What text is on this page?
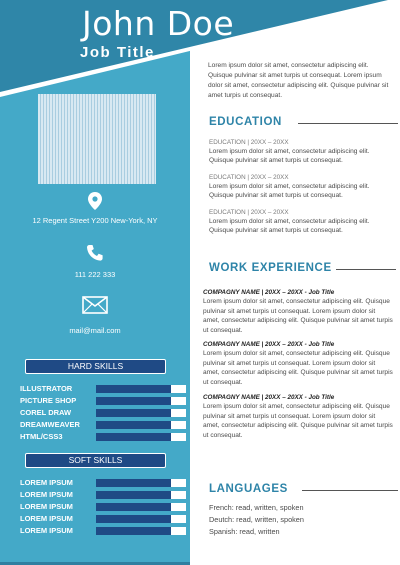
John Doe
Job Title
12 Regent Street Y200 New-York, NY
111 222 333
mail@mail.com
HARD SKILLS
ILLUSTRATOR
PICTURE SHOP
COREL DRAW
DREAMWEAVER
HTML/CSS3
SOFT SKILLS
LOREM IPSUM
LOREM IPSUM
LOREM IPSUM
LOREM IPSUM
LOREM IPSUM
Lorem ipsum dolor sit amet, consectetur adipiscing elit. Quisque pulvinar sit amet turpis ut consequat. Lorem ipsum dolor sit amet, consectetur adipiscing elit. Quisque pulvinar sit amet turpis ut consequat.
EDUCATION
EDUCATION | 20XX – 20XX
Lorem ipsum dolor sit amet, consectetur adipiscing elit. Quisque pulvinar sit amet turpis ut consequat.
EDUCATION | 20XX – 20XX
Lorem ipsum dolor sit amet, consectetur adipiscing elit. Quisque pulvinar sit amet turpis ut consequat.
EDUCATION | 20XX – 20XX
Lorem ipsum dolor sit amet, consectetur adipiscing elit. Quisque pulvinar sit amet turpis ut consequat.
WORK EXPERIENCE
COMPAGNY NAME | 20XX – 20XX - Job Title
Lorem ipsum dolor sit amet, consectetur adipiscing elit. Quisque pulvinar sit amet turpis ut consequat. Lorem ipsum dolor sit amet, consectetur adipiscing elit. Quisque pulvinar sit amet turpis ut consequat.
COMPAGNY NAME | 20XX – 20XX - Job Title
Lorem ipsum dolor sit amet, consectetur adipiscing elit. Quisque pulvinar sit amet turpis ut consequat. Lorem ipsum dolor sit amet, consectetur adipiscing elit. Quisque pulvinar sit amet turpis ut consequat.
COMPAGNY NAME | 20XX – 20XX - Job Title
Lorem ipsum dolor sit amet, consectetur adipiscing elit. Quisque pulvinar sit amet turpis ut consequat. Lorem ipsum dolor sit amet, consectetur adipiscing elit. Quisque pulvinar sit amet turpis ut consequat.
LANGUAGES
French: read, written, spoken
Deutch: read, written, spoken
Spanish: read, written
